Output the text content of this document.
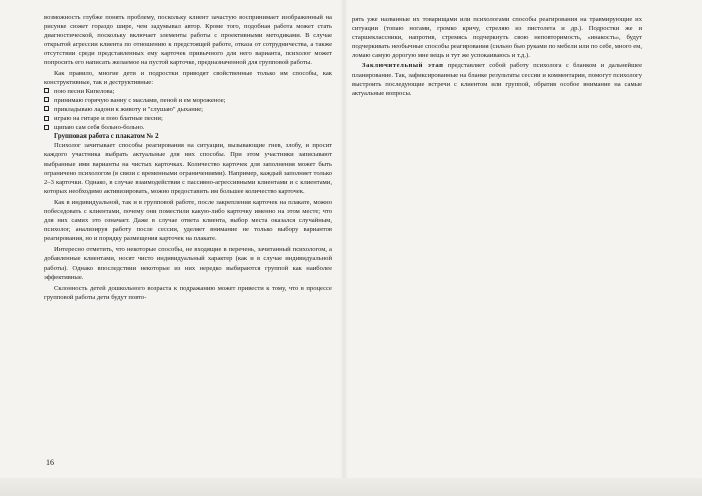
возможность глубже понять проблему, поскольку клиент зачастую воспринимает изображенный на рисунке сюжет гораздо шире, чем задумывал автор. Кроме того, подобная работа может стать диагностической, поскольку включает элементы работы с проективными методиками. В случае открытой агрессии клиента по отношению к предстоящей работе, отказа от сотрудничества, а также отсутствии среди представленных ему карточек привычного для него варианта, психолог может попросить его написать желаемое на пустой карточке, предназначенной для групповой работы.

Как правило, многие дети и подростки приводят свойственные только им способы, как конструктивные, так и деструктивные:

пою песни Кипелова;
принимаю горячую ванну с маслами, пеной и ем мороженое;
прикладываю ладони к животу и "слушаю" дыхание;
играю на гитаре и пою блатные песни;
щипаю сам себя больно-больно.

Групповая работа с плакатом № 2

Психолог зачитывает способы реагирования на ситуации, вызывающие гнев, злобу, и просит каждого участника выбрать актуальные для них способы. При этом участники записывают выбранные ими варианты на чистых карточках. Количество карточек для заполнения может быть ограничено психологом (в связи с временными ограничениями). Например, каждый заполняет только 2–3 карточки. Однако, в случае взаимодействия с пассивно-агрессивными клиентами и с клиентами, которых необходимо активизировать, можно предоставить им большее количество карточек.

Как в индивидуальной, так и в групповой работе, после закрепления карточек на плакате, можно побеседовать с клиентами, почему они поместили какую-либо карточку именно на этом месте; что для них самих это означает. Даже в случае ответа клиента, выбор места оказался случайным, психолог, анализируя работу после сессии, уделяет внимание не только выбору вариантов реагирования, но и порядку размещения карточек на плакате.

Интересно отметить, что некоторые способы, не входящие в перечень, зачитанный психологом, а добавленные клиентами, носят чисто индивидуальный характер (как и в случае индивидуальной работы). Однако впоследствии некоторые из них нередко выбираются группой как наиболее эффективные.

Склонность детей дошкольного возраста к подражанию может привести к тому, что в процессе групповой работы дети будут повто-

16

рять уже названные их товарищами или психологами способы реагирования на травмирующие их ситуации (топаю ногами, громко кричу, стреляю из пистолета и др.). Подростки же и старшеклассники, напротив, стремясь подчеркнуть свою неповторимость, «инакость», будут подчеркивать необычные способы реагирования (сильно бью руками по мебели или по себе, много ем, ломаю самую дорогую мне вещь и тут же успокаиваюсь и т.д.).

Заключительный этап представляет собой работу психолога с бланком и дальнейшее планирование. Так, зафиксированные на бланке результаты сессии и комментарии, помогут психологу выстроить последующие встречи с клиентом или группой, обратив особое внимание на самые актуальные вопросы.
